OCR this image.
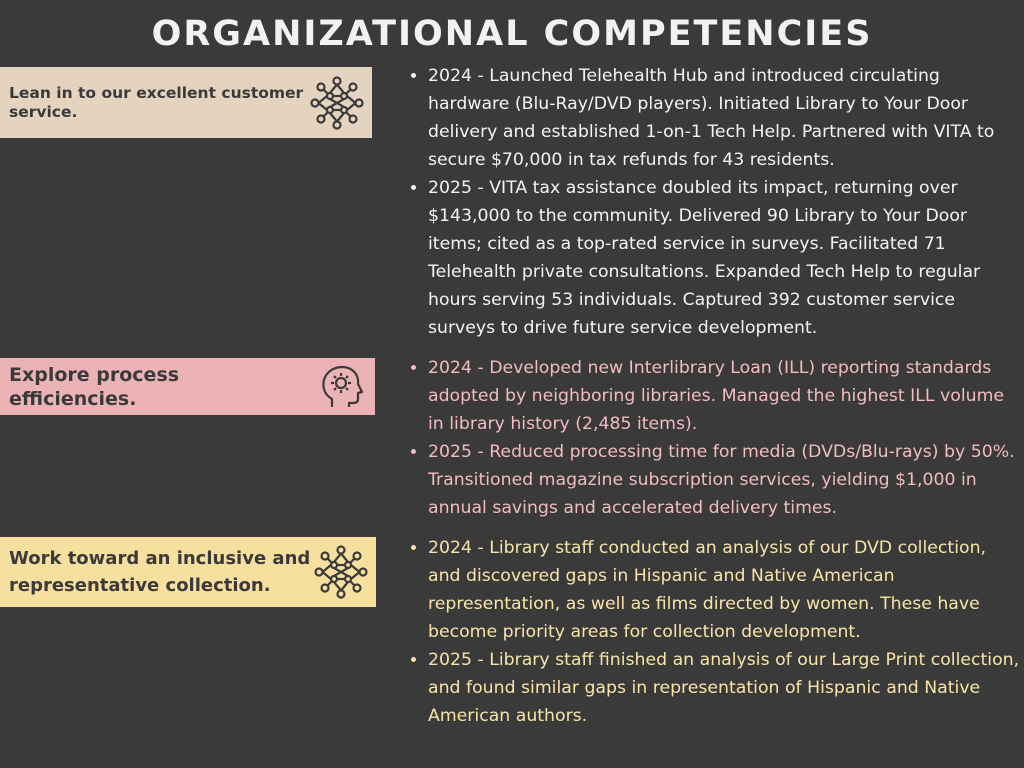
ORGANIZATIONAL COMPETENCIES
Lean in to our excellent customer service.
• 2024 - Launched Telehealth Hub and introduced circulating hardware (Blu-Ray/DVD players). Initiated Library to Your Door delivery and established 1-on-1 Tech Help. Partnered with VITA to secure $70,000 in tax refunds for 43 residents.
• 2025 - VITA tax assistance doubled its impact, returning over $143,000 to the community. Delivered 90 Library to Your Door items; cited as a top-rated service in surveys. Facilitated 71 Telehealth private consultations. Expanded Tech Help to regular hours serving 53 individuals. Captured 392 customer service surveys to drive future service development.
Explore process efficiencies.
• 2024 - Developed new Interlibrary Loan (ILL) reporting standards adopted by neighboring libraries. Managed the highest ILL volume in library history (2,485 items).
• 2025 - Reduced processing time for media (DVDs/Blu-rays) by 50%. Transitioned magazine subscription services, yielding $1,000 in annual savings and accelerated delivery times.
Work toward an inclusive and representative collection.
• 2024 - Library staff conducted an analysis of our DVD collection, and discovered gaps in Hispanic and Native American representation, as well as films directed by women. These have become priority areas for collection development.
• 2025 - Library staff finished an analysis of our Large Print collection, and found similar gaps in representation of Hispanic and Native American authors.
